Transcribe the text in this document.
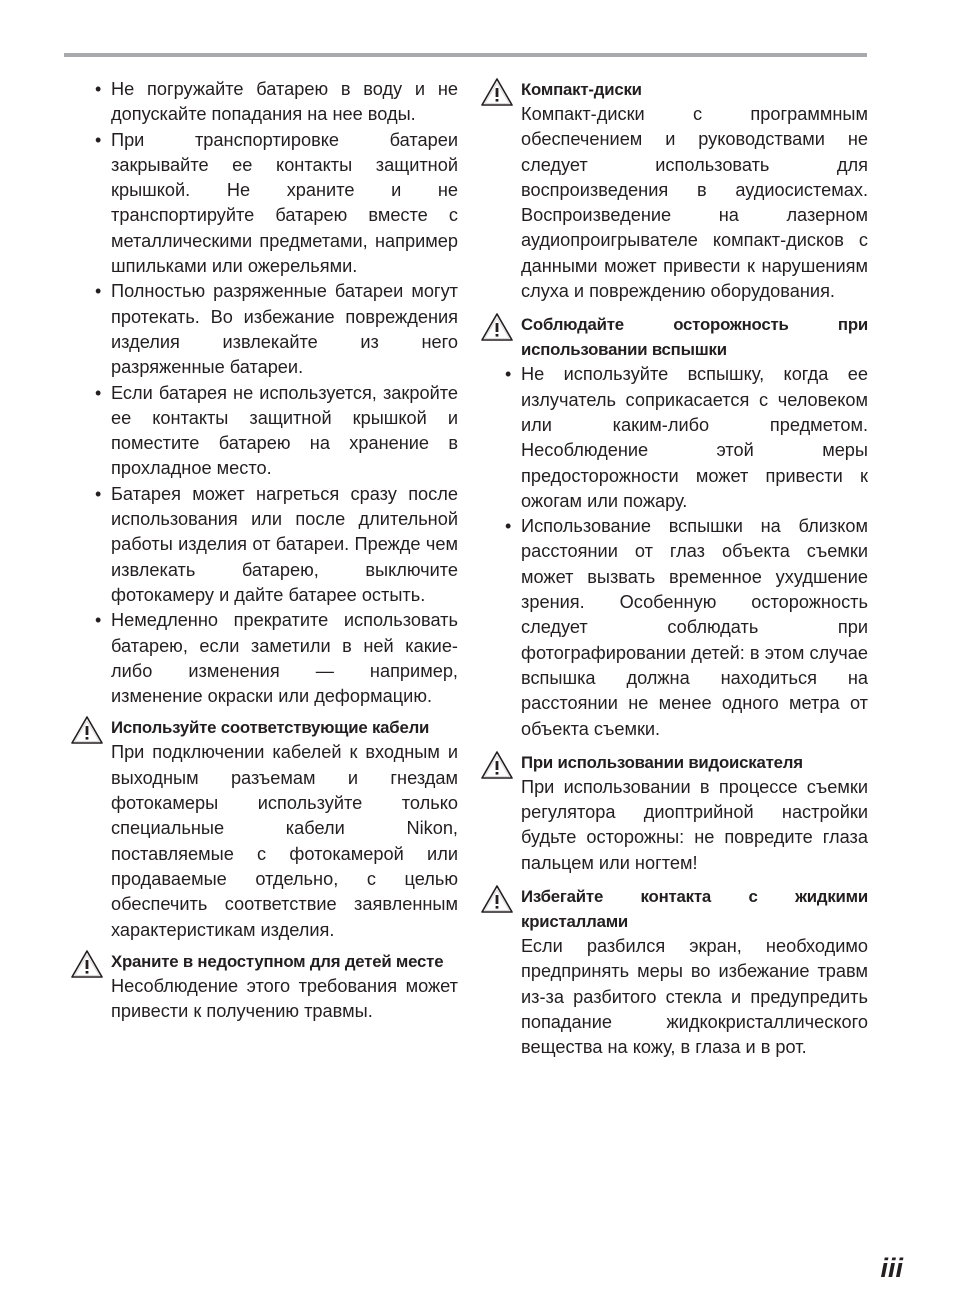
• Не погружайте батарею в воду и не допускайте попадания на нее воды.
• При транспортировке батареи закрывайте ее контакты защитной крышкой. Не храните и не транспортируйте батарею вместе с металлическими предметами, например шпильками или ожерельями.
• Полностью разряженные батареи могут протекать. Во избежание повреждения изделия извлекайте из него разряженные батареи.
• Если батарея не используется, закройте ее контакты защитной крышкой и поместите батарею на хранение в прохладное место.
• Батарея может нагреться сразу после использования или после длительной работы изделия от батареи. Прежде чем извлекать батарею, выключите фотокамеру и дайте батарее остыть.
• Немедленно прекратите использовать батарею, если заметили в ней какие-либо изменения — например, изменение окраски или деформацию.
Используйте соответствующие кабели

При подключении кабелей к входным и выходным разъемам и гнездам фотокамеры используйте только специальные кабели Nikon, поставляемые с фотокамерой или продаваемые отдельно, с целью обеспечить соответствие заявленным характеристикам изделия.

Храните в недоступном для детей месте

Несоблюдение этого требования может привести к получению травмы.

Компакт-диски

Компакт-диски с программным обеспечением и руководствами не следует использовать для воспроизведения в аудиосистемах. Воспроизведение на лазерном аудиопроигрывателе компакт-дисков с данными может привести к нарушениям слуха и повреждению оборудования.

Соблюдайте осторожность при использовании вспышки
• Не используйте вспышку, когда ее излучатель соприкасается с человеком или каким-либо предметом. Несоблюдение этой меры предосторожности может привести к ожогам или пожару.
• Использование вспышки на близком расстоянии от глаз объекта съемки может вызвать временное ухудшение зрения. Особенную осторожность следует соблюдать при фотографировании детей: в этом случае вспышка должна находиться на расстоянии не менее одного метра от объекта съемки.
При использовании видоискателя

При использовании в процессе съемки регулятора диоптрийной настройки будьте осторожны: не повредите глаза пальцем или ногтем!

Избегайте контакта с жидкими кристаллами

Если разбился экран, необходимо предпринять меры во избежание травм из-за разбитого стекла и предупредить попадание жидкокристаллического вещества на кожу, в глаза и в рот.

iii
